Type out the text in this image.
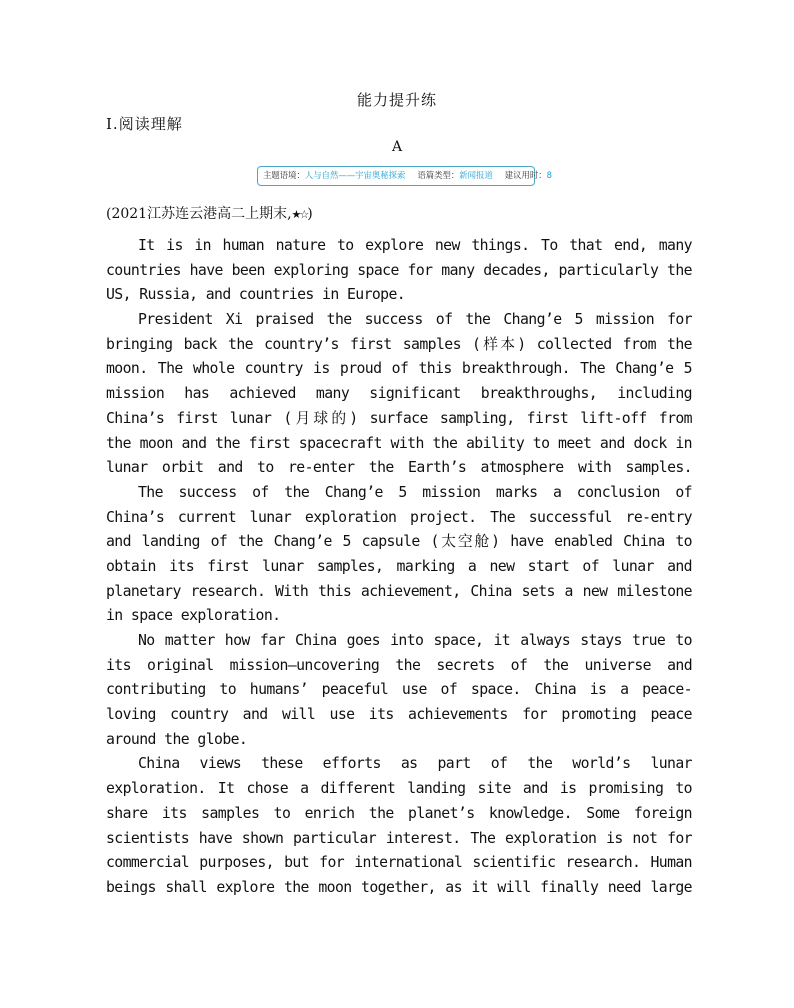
能力提升练
Ⅰ.阅读理解
A
主题语境：人与自然——宇宙奥秘探索 语篇类型：新闻报道 建议用时：8
(2021江苏连云港高二上期末,★☆)
It is in human nature to explore new things. To that end, many
countries have been exploring space for many decades, particularly the
US, Russia, and countries in Europe.
President Xi praised the success of the Chang’e 5 mission for
bringing back the country’s first samples (样本) collected from the
moon. The whole country is proud of this breakthrough. The Chang’e 5
mission has achieved many significant breakthroughs, including
China’s first lunar (月球的) surface sampling, first lift-off from
the moon and the first spacecraft with the ability to meet and dock in
lunar orbit and to re-enter the Earth’s atmosphere with samples.
The success of the Chang’e 5 mission marks a conclusion of
China’s current lunar exploration project. The successful re-entry
and landing of the Chang’e 5 capsule (太空舱) have enabled China to
obtain its first lunar samples, marking a new start of lunar and
planetary research. With this achievement, China sets a new milestone
in space exploration.
No matter how far China goes into space, it always stays true to
its original mission—uncovering the secrets of the universe and
contributing to humans’ peaceful use of space. China is a peace-
loving country and will use its achievements for promoting peace
around the globe.
China views these efforts as part of the world’s lunar
exploration. It chose a different landing site and is promising to
share its samples to enrich the planet’s knowledge. Some foreign
scientists have shown particular interest. The exploration is not for
commercial purposes, but for international scientific research. Human
beings shall explore the moon together, as it will finally need large
